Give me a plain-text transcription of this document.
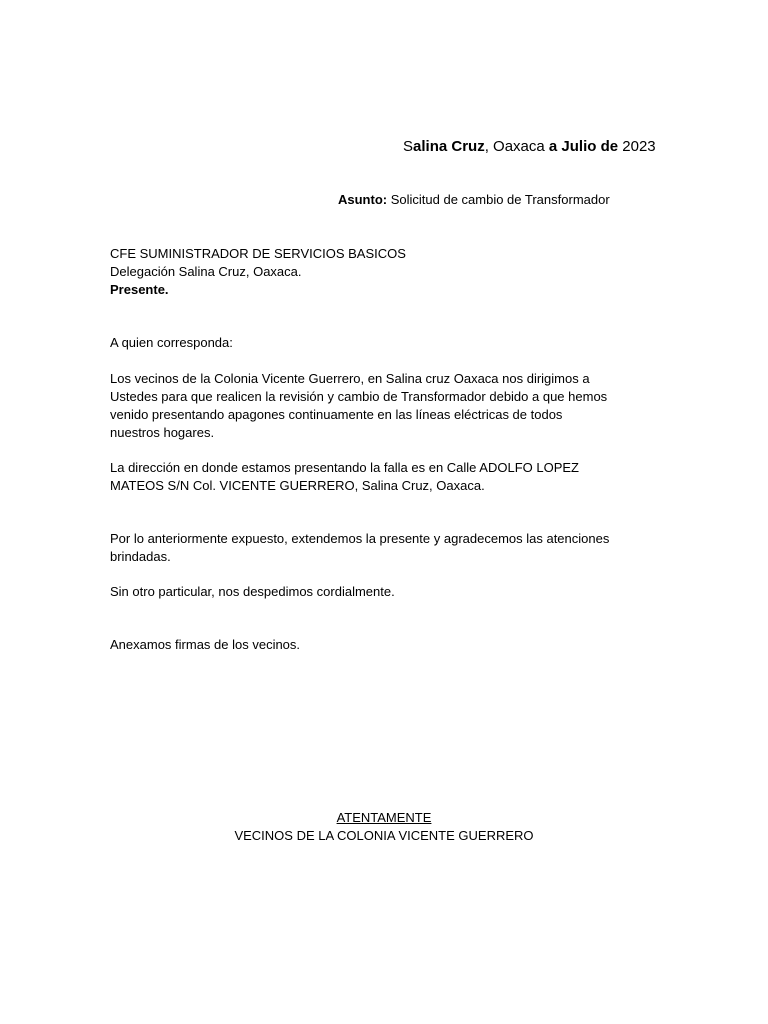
Salina Cruz, Oaxaca a Julio de 2023
Asunto: Solicitud de cambio de Transformador
CFE SUMINISTRADOR DE SERVICIOS BASICOS
Delegación Salina Cruz, Oaxaca.
Presente.
A quien corresponda:
Los vecinos de la Colonia Vicente Guerrero, en Salina cruz Oaxaca nos dirigimos a
Ustedes para que realicen la revisión y cambio de Transformador debido a que hemos
venido presentando apagones continuamente en las líneas eléctricas de todos
nuestros hogares.
La dirección en donde estamos presentando la falla es en Calle ADOLFO LOPEZ
MATEOS S/N Col. VICENTE GUERRERO, Salina Cruz, Oaxaca.
Por lo anteriormente expuesto, extendemos la presente y agradecemos las atenciones
brindadas.
Sin otro particular, nos despedimos cordialmente.
Anexamos firmas de los vecinos.
ATENTAMENTE
VECINOS DE LA COLONIA VICENTE GUERRERO
